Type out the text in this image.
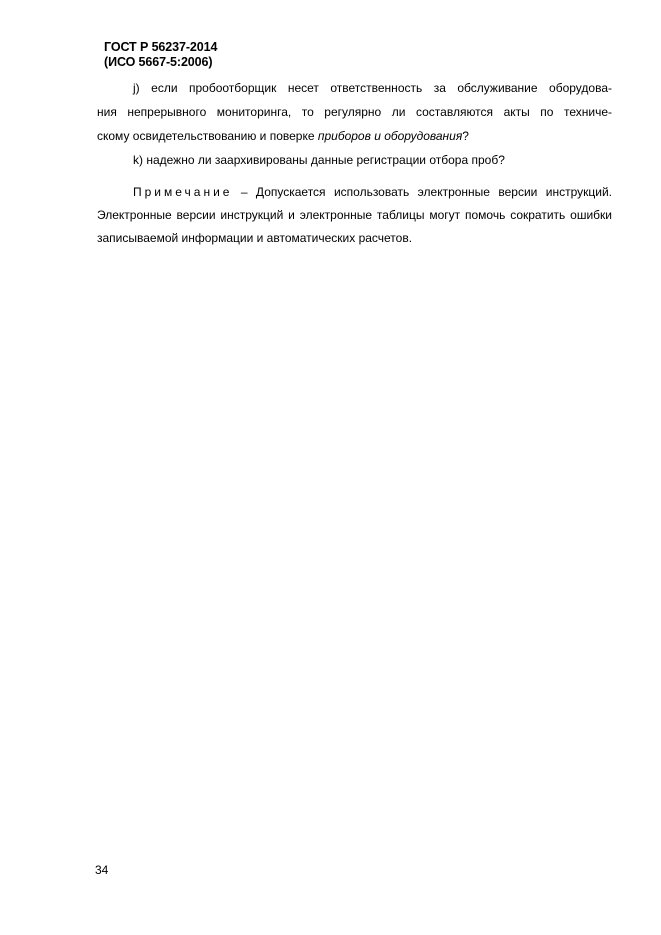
ГОСТ Р 56237-2014
(ИСО 5667-5:2006)
j) если пробоотборщик несет ответственность за обслуживание оборудова-
ния непрерывного мониторинга, то регулярно ли составляются акты по техниче-
скому освидетельствованию и поверке приборов и оборудования?
k) надежно ли заархивированы данные регистрации отбора проб?
Примечание – Допускается использовать электронные версии инструкций.
Электронные версии инструкций и электронные таблицы могут помочь сократить ошибки
записываемой информации и автоматических расчетов.
34
